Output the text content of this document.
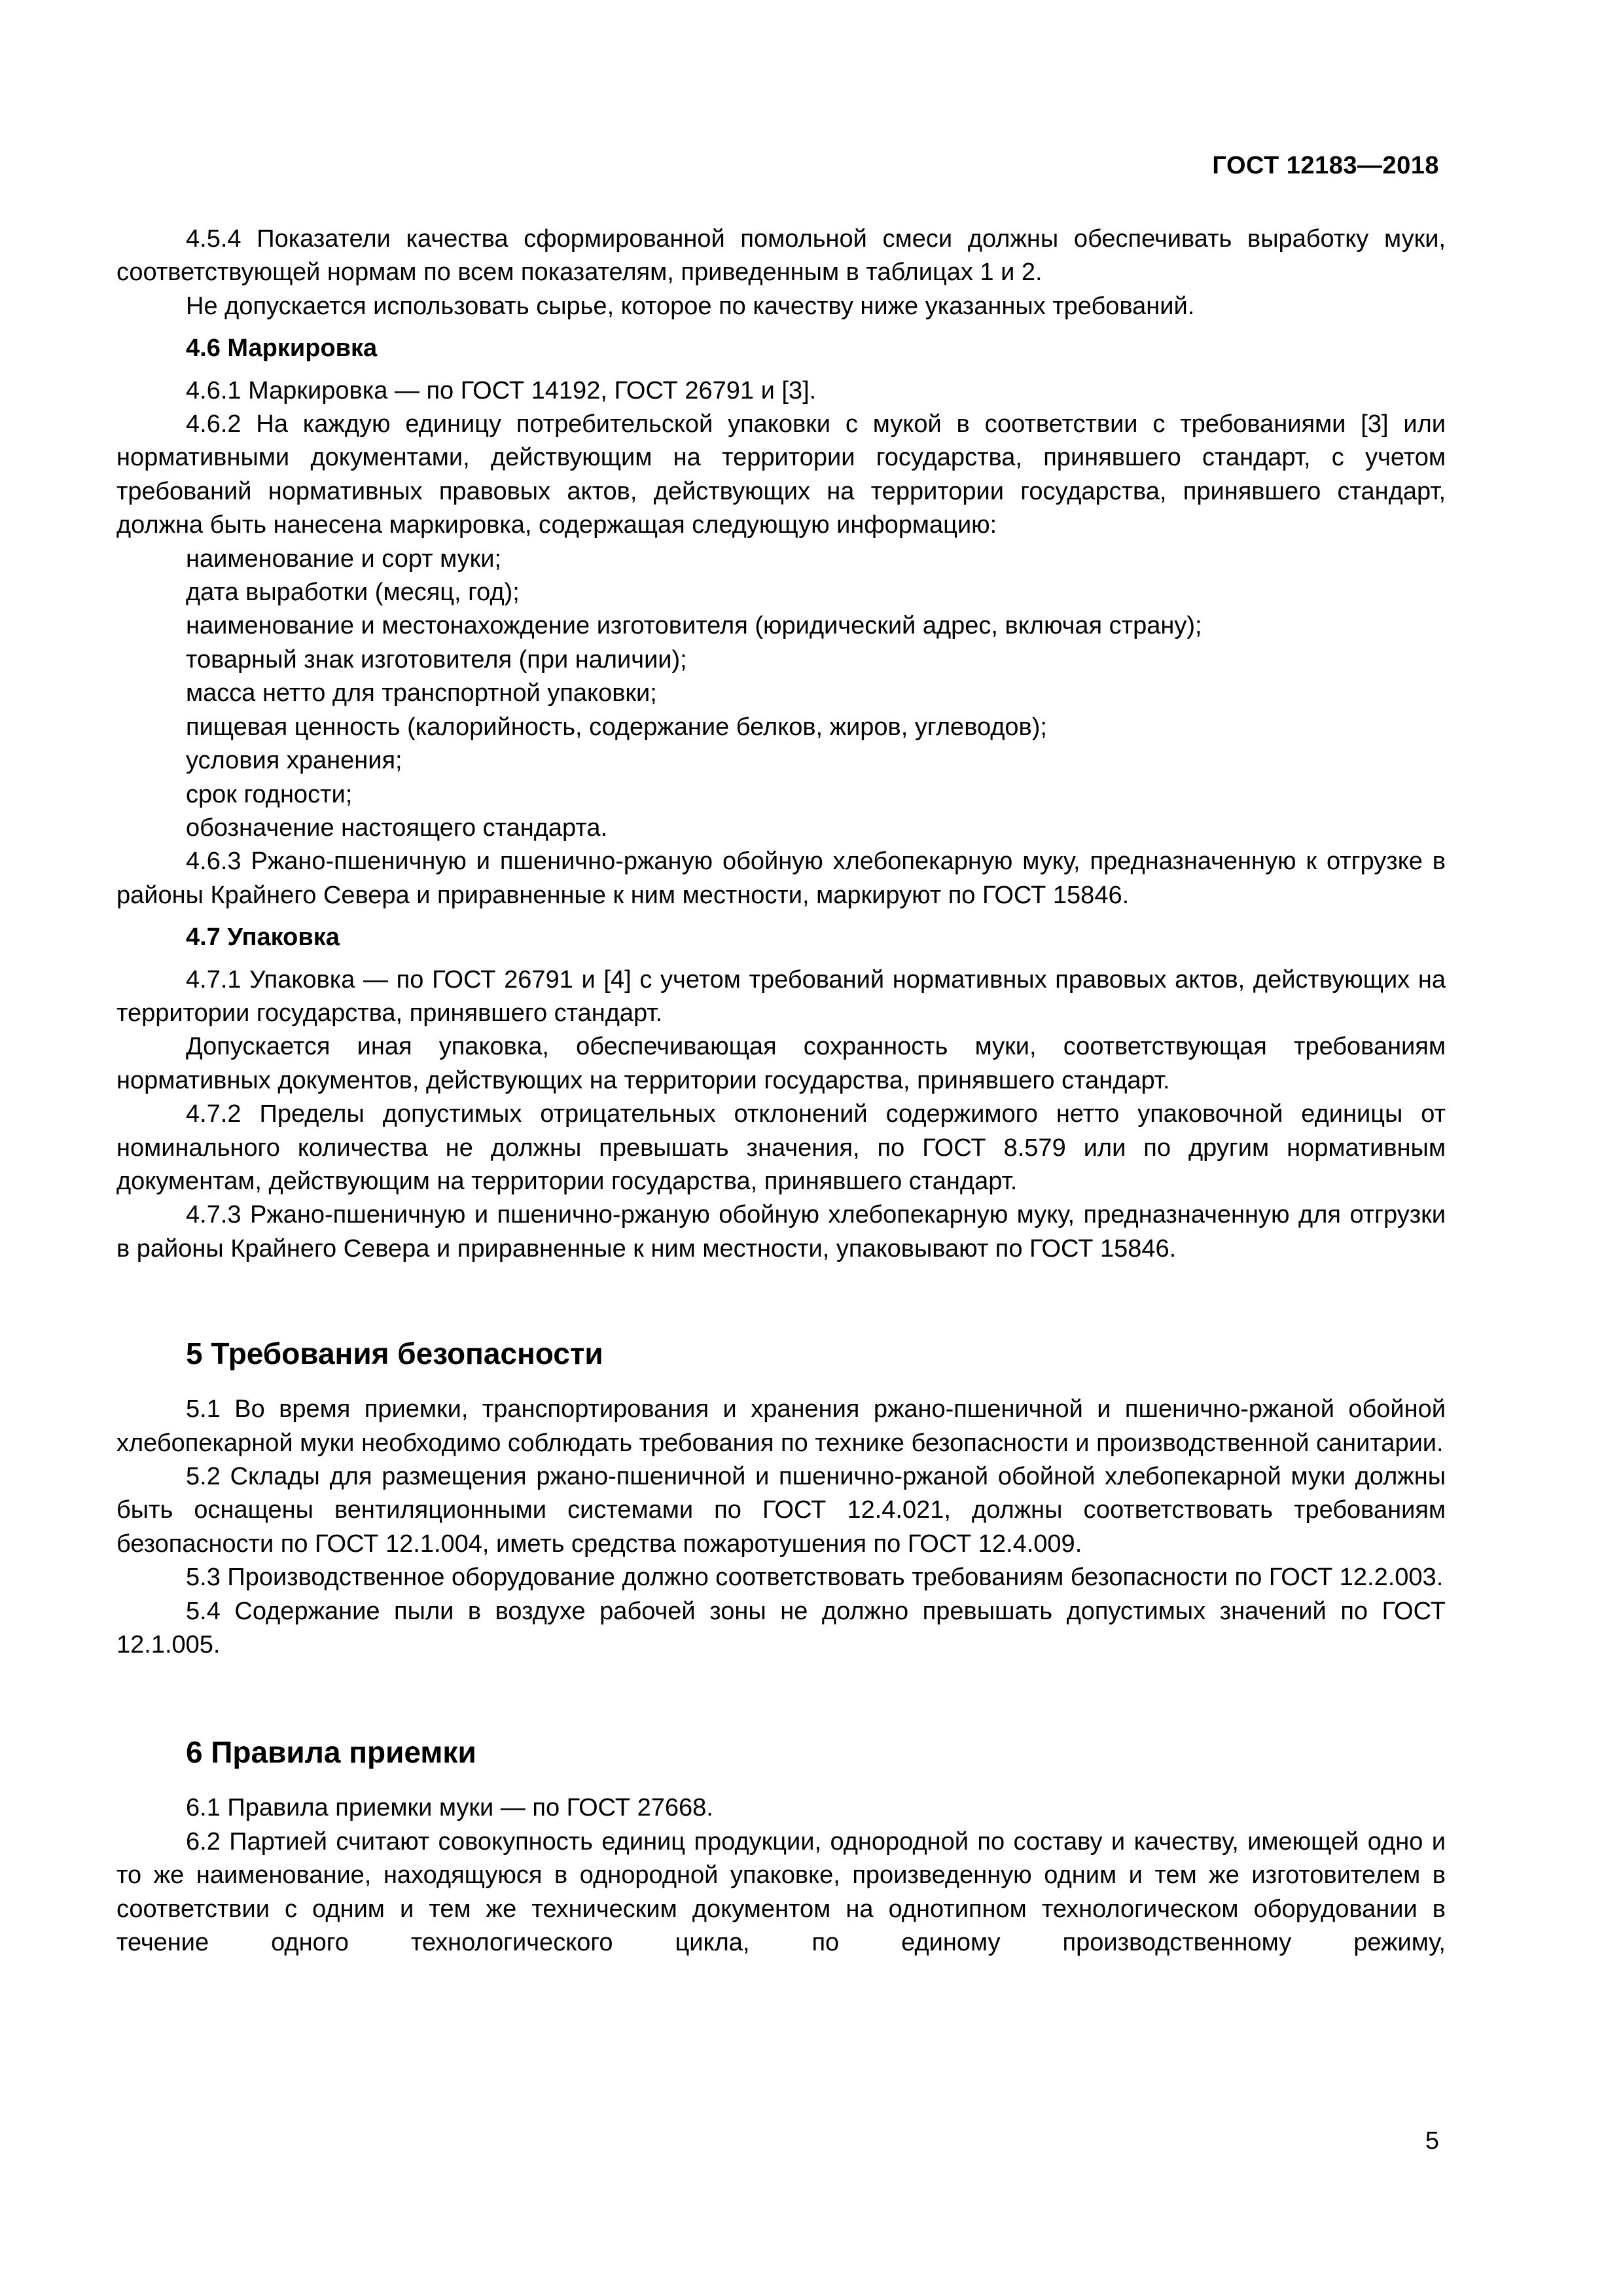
ГОСТ 12183—2018

4.5.4 Показатели качества сформированной помольной смеси должны обеспечивать выработку муки, соответствующей нормам по всем показателям, приведенным в таблицах 1 и 2.

Не допускается использовать сырье, которое по качеству ниже указанных требований.

4.6 Маркировка

4.6.1 Маркировка — по ГОСТ 14192, ГОСТ 26791 и [3].

4.6.2 На каждую единицу потребительской упаковки с мукой в соответствии с требованиями [3] или нормативными документами, действующим на территории государства, принявшего стандарт, с учетом требований нормативных правовых актов, действующих на территории государства, принявшего стандарт, должна быть нанесена маркировка, содержащая следующую информацию:

наименование и сорт муки;

дата выработки (месяц, год);

наименование и местонахождение изготовителя (юридический адрес, включая страну);

товарный знак изготовителя (при наличии);

масса нетто для транспортной упаковки;

пищевая ценность (калорийность, содержание белков, жиров, углеводов);

условия хранения;

срок годности;

обозначение настоящего стандарта.

4.6.3 Ржано-пшеничную и пшенично-ржаную обойную хлебопекарную муку, предназначенную к отгрузке в районы Крайнего Севера и приравненные к ним местности, маркируют по ГОСТ 15846.

4.7 Упаковка

4.7.1 Упаковка — по ГОСТ 26791 и [4] с учетом требований нормативных правовых актов, действующих на территории государства, принявшего стандарт.

Допускается иная упаковка, обеспечивающая сохранность муки, соответствующая требованиям нормативных документов, действующих на территории государства, принявшего стандарт.

4.7.2 Пределы допустимых отрицательных отклонений содержимого нетто упаковочной единицы от номинального количества не должны превышать значения, по ГОСТ 8.579 или по другим нормативным документам, действующим на территории государства, принявшего стандарт.

4.7.3 Ржано-пшеничную и пшенично-ржаную обойную хлебопекарную муку, предназначенную для отгрузки в районы Крайнего Севера и приравненные к ним местности, упаковывают по ГОСТ 15846.

5 Требования безопасности

5.1 Во время приемки, транспортирования и хранения ржано-пшеничной и пшенично-ржаной обойной хлебопекарной муки необходимо соблюдать требования по технике безопасности и производственной санитарии.

5.2 Склады для размещения ржано-пшеничной и пшенично-ржаной обойной хлебопекарной муки должны быть оснащены вентиляционными системами по ГОСТ 12.4.021, должны соответствовать требованиям безопасности по ГОСТ 12.1.004, иметь средства пожаротушения по ГОСТ 12.4.009.

5.3 Производственное оборудование должно соответствовать требованиям безопасности по ГОСТ 12.2.003.

5.4 Содержание пыли в воздухе рабочей зоны не должно превышать допустимых значений по ГОСТ 12.1.005.

6 Правила приемки

6.1 Правила приемки муки — по ГОСТ 27668.

6.2 Партией считают совокупность единиц продукции, однородной по составу и качеству, имеющей одно и то же наименование, находящуюся в однородной упаковке, произведенную одним и тем же изготовителем в соответствии с одним и тем же техническим документом на однотипном технологическом оборудовании в течение одного технологического цикла, по единому производственному режиму,

5
